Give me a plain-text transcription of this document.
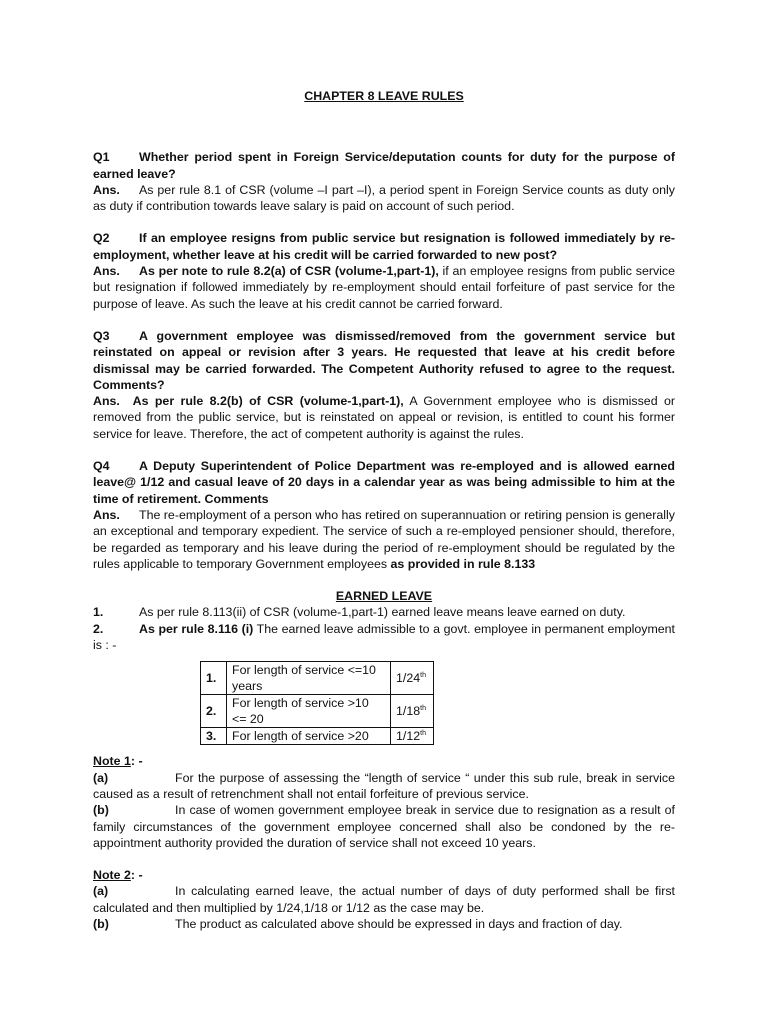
CHAPTER 8 LEAVE RULES

Q1 Whether period spent in Foreign Service/deputation counts for duty for the purpose of earned leave?

Ans. As per rule 8.1 of CSR (volume –I part –I), a period spent in Foreign Service counts as duty only as duty if contribution towards leave salary is paid on account of such period.

Q2 If an employee resigns from public service but resignation is followed immediately by re-employment, whether leave at his credit will be carried forwarded to new post?

Ans. As per note to rule 8.2(a) of CSR (volume-1,part-1), if an employee resigns from public service but resignation if followed immediately by re-employment should entail forfeiture of past service for the purpose of leave. As such the leave at his credit cannot be carried forward.

Q3 A government employee was dismissed/removed from the government service but reinstated on appeal or revision after 3 years. He requested that leave at his credit before dismissal may be carried forwarded. The Competent Authority refused to agree to the request. Comments?

Ans. As per rule 8.2(b) of CSR (volume-1,part-1), A Government employee who is dismissed or removed from the public service, but is reinstated on appeal or revision, is entitled to count his former service for leave. Therefore, the act of competent authority is against the rules.

Q4 A Deputy Superintendent of Police Department was re-employed and is allowed earned leave@ 1/12 and casual leave of 20 days in a calendar year as was being admissible to him at the time of retirement. Comments

Ans. The re-employment of a person who has retired on superannuation or retiring pension is generally an exceptional and temporary expedient. The service of such a re-employed pensioner should, therefore, be regarded as temporary and his leave during the period of re-employment should be regulated by the rules applicable to temporary Government employees as provided in rule 8.133

EARNED LEAVE

1.	As per rule 8.113(ii) of CSR (volume-1,part-1) earned leave means leave earned on duty.

2.	As per rule 8.116 (i) The earned leave admissible to a govt. employee in permanent employment is : -

1.	For length of service <=10 years	1/24th
2.	For length of service >10 <= 20	1/18th
3.	For length of service >20	1/12th

Note 1: -

(a)	For the purpose of assessing the “length of service “ under this sub rule, break in service caused as a result of retrenchment shall not entail forfeiture of previous service.

(b)	In case of women government employee break in service due to resignation as a result of family circumstances of the government employee concerned shall also be condoned by the re-appointment authority provided the duration of service shall not exceed 10 years.

Note 2: -

(a)	In calculating earned leave, the actual number of days of duty performed shall be first calculated and then multiplied by 1/24,1/18 or 1/12 as the case may be.

(b)	The product as calculated above should be expressed in days and fraction of day.
